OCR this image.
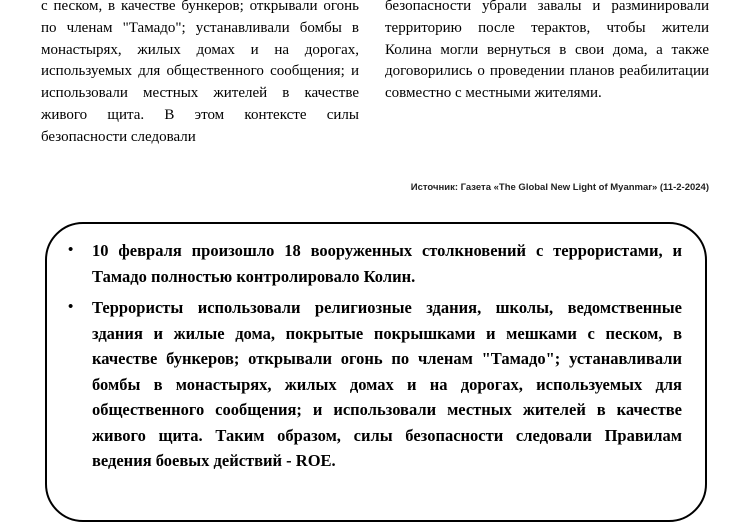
с песком, в качестве бункеров; открывали огонь по членам "Тамадо"; устанавливали бомбы в монастырях, жилых домах и на дорогах, используемых для общественного сообщения; и использовали местных жителей в качестве живого щита. В этом контексте силы безопасности следовали

безопасности убрали завалы и разминировали территорию после терактов, чтобы жители Колина могли вернуться в свои дома, а также договорились о проведении планов реабилитации совместно с местными жителями.

Источник: Газета «The Global New Light of Myanmar» (11-2-2024)
• 10 февраля произошло 18 вооруженных столкновений с террористами, и Тамадо полностью контролировало Колин.
• Террористы использовали религиозные здания, школы, ведомственные здания и жилые дома, покрытые покрышками и мешками с песком, в качестве бункеров; открывали огонь по членам "Тамадо"; устанавливали бомбы в монастырях, жилых домах и на дорогах, используемых для общественного сообщения; и использовали местных жителей в качестве живого щита. Таким образом, силы безопасности следовали Правилам ведения боевых действий - ROE.
